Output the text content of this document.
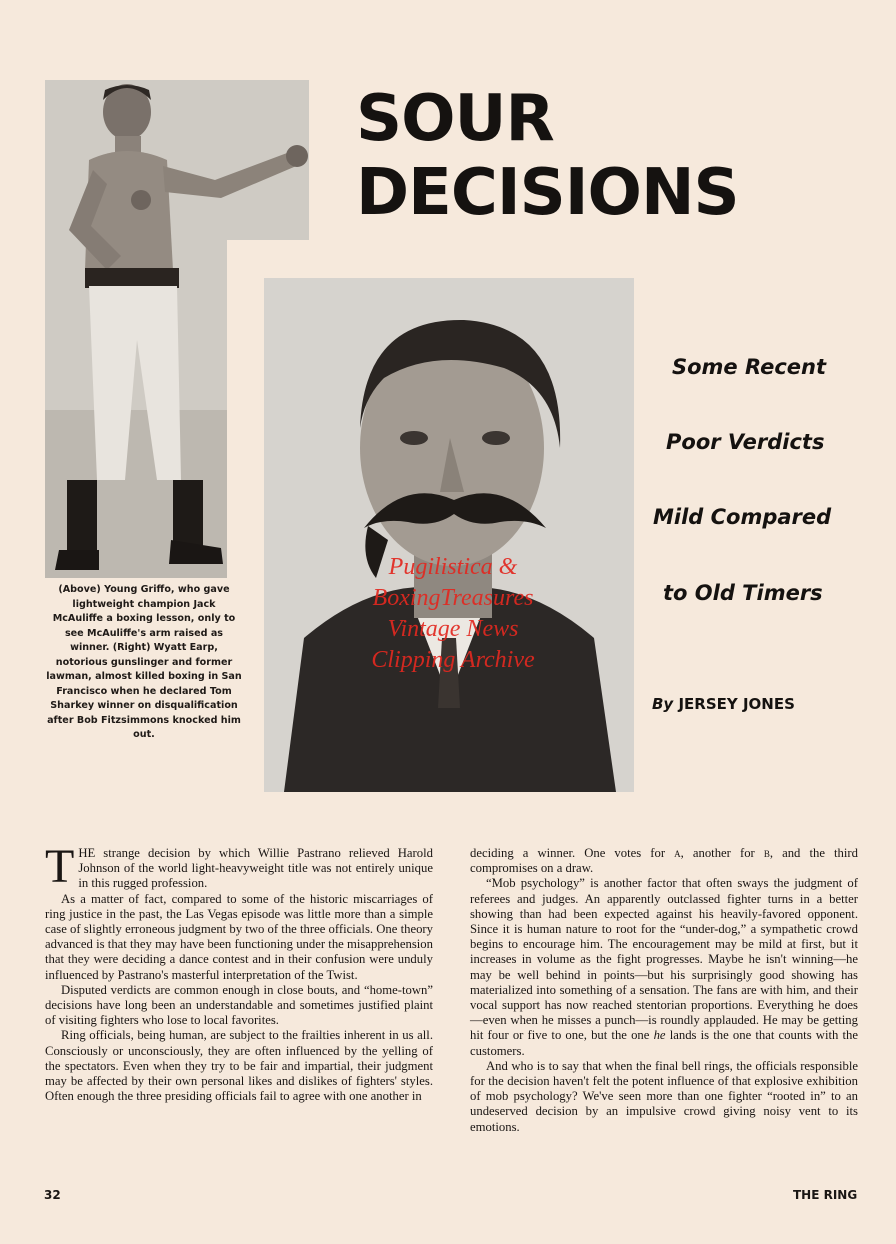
(Above) Young Griffo, who gave lightweight champion Jack McAuliffe a boxing lesson, only to see McAuliffe's arm raised as winner. (Right) Wyatt Earp, notorious gunslinger and former lawman, almost killed boxing in San Francisco when he declared Tom Sharkey winner on disqualification after Bob Fitzsimmons knocked him out.
SOUR
DECISIONS
Some Recent
Poor Verdicts
Mild Compared
to Old Timers
By JERSEY JONES
Pugilistica &
BoxingTreasures
Vintage News
Clipping Archive

THE strange decision by which Willie Pastrano relieved Harold Johnson of the world light-heavyweight title was not entirely unique in this rugged profession.

As a matter of fact, compared to some of the historic miscarriages of ring justice in the past, the Las Vegas episode was little more than a simple case of slightly erroneous judgment by two of the three officials. One theory advanced is that they may have been functioning under the misapprehension that they were deciding a dance contest and in their confusion were unduly influenced by Pastrano's masterful interpretation of the Twist.

Disputed verdicts are common enough in close bouts, and “home-town” decisions have long been an understandable and sometimes justified plaint of visiting fighters who lose to local favorites.

Ring officials, being human, are subject to the frailties inherent in us all. Consciously or unconsciously, they are often influenced by the yelling of the spectators. Even when they try to be fair and impartial, their judgment may be affected by their own personal likes and dislikes of fighters' styles. Often enough the three presiding officials fail to agree with one another in

deciding a winner. One votes for a, another for b, and the third compromises on a draw.

“Mob psychology” is another factor that often sways the judgment of referees and judges. An apparently outclassed fighter turns in a better showing than had been expected against his heavily-favored opponent. Since it is human nature to root for the “under-dog,” a sympathetic crowd begins to encourage him. The encouragement may be mild at first, but it increases in volume as the fight progresses. Maybe he isn't winning—he may be well behind in points—but his surprisingly good showing has materialized into something of a sensation. The fans are with him, and their vocal support has now reached stentorian proportions. Everything he does—even when he misses a punch—is roundly applauded. He may be getting hit four or five to one, but the one he lands is the one that counts with the customers.

And who is to say that when the final bell rings, the officials responsible for the decision haven't felt the potent influence of that explosive exhibition of mob psychology? We've seen more than one fighter “rooted in” to an undeserved decision by an impulsive crowd giving noisy vent to its emotions.

32	THE RING
